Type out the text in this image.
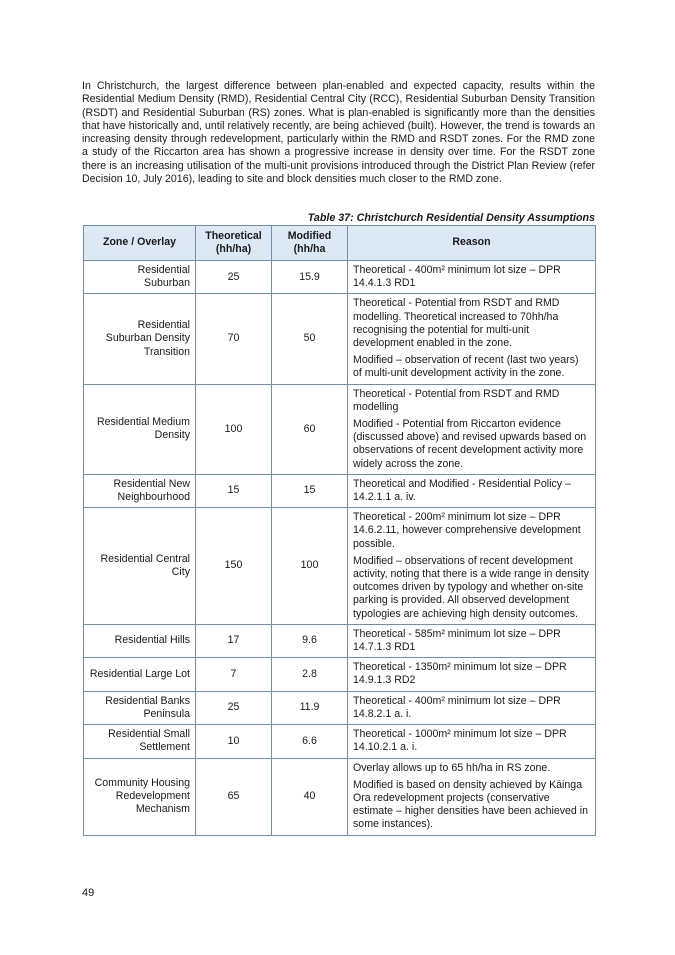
In Christchurch, the largest difference between plan-enabled and expected capacity, results within the Residential Medium Density (RMD), Residential Central City (RCC), Residential Suburban Density Transition (RSDT) and Residential Suburban (RS) zones. What is plan-enabled is significantly more than the densities that have historically and, until relatively recently, are being achieved (built). However, the trend is towards an increasing density through redevelopment, particularly within the RMD and RSDT zones. For the RMD zone a study of the Riccarton area has shown a progressive increase in density over time. For the RSDT zone there is an increasing utilisation of the multi-unit provisions introduced through the District Plan Review (refer Decision 10, July 2016), leading to site and block densities much closer to the RMD zone.

Table 37: Christchurch Residential Density Assumptions

Zone / Overlay	Theoretical (hh/ha)	Modified (hh/ha	Reason
Residential Suburban	25	15.9	Theoretical - 400m² minimum lot size – DPR 14.4.1.3 RD1

Residential Suburban Density Transition	70	50	Theoretical - Potential from RSDT and RMD modelling. Theoretical increased to 70hh/ha recognising the potential for multi-unit development enabled in the zone.

Modified – observation of recent (last two years) of multi-unit development activity in the zone.

Residential Medium Density	100	60	Theoretical - Potential from RSDT and RMD modelling

Modified - Potential from Riccarton evidence (discussed above) and revised upwards based on observations of recent development activity more widely across the zone.

Residential New Neighbourhood	15	15	Theoretical and Modified - Residential Policy – 14.2.1.1 a. iv.

Residential Central City	150	100	Theoretical - 200m² minimum lot size – DPR 14.6.2.11, however comprehensive development possible.

Modified – observations of recent development activity, noting that there is a wide range in density outcomes driven by typology and whether on-site parking is provided. All observed development typologies are achieving high density outcomes.

Residential Hills	17	9.6	Theoretical - 585m² minimum lot size – DPR 14.7.1.3 RD1

Residential Large Lot	7	2.8	Theoretical - 1350m² minimum lot size – DPR 14.9.1.3 RD2

Residential Banks Peninsula	25	11.9	Theoretical - 400m² minimum lot size – DPR 14.8.2.1 a. i.

Residential Small Settlement	10	6.6	Theoretical - 1000m² minimum lot size – DPR 14.10.2.1 a. i.

Community Housing Redevelopment Mechanism	65	40	Overlay allows up to 65 hh/ha in RS zone.

Modified is based on density achieved by Kāinga Ora redevelopment projects (conservative estimate – higher densities have been achieved in some instances).

49
